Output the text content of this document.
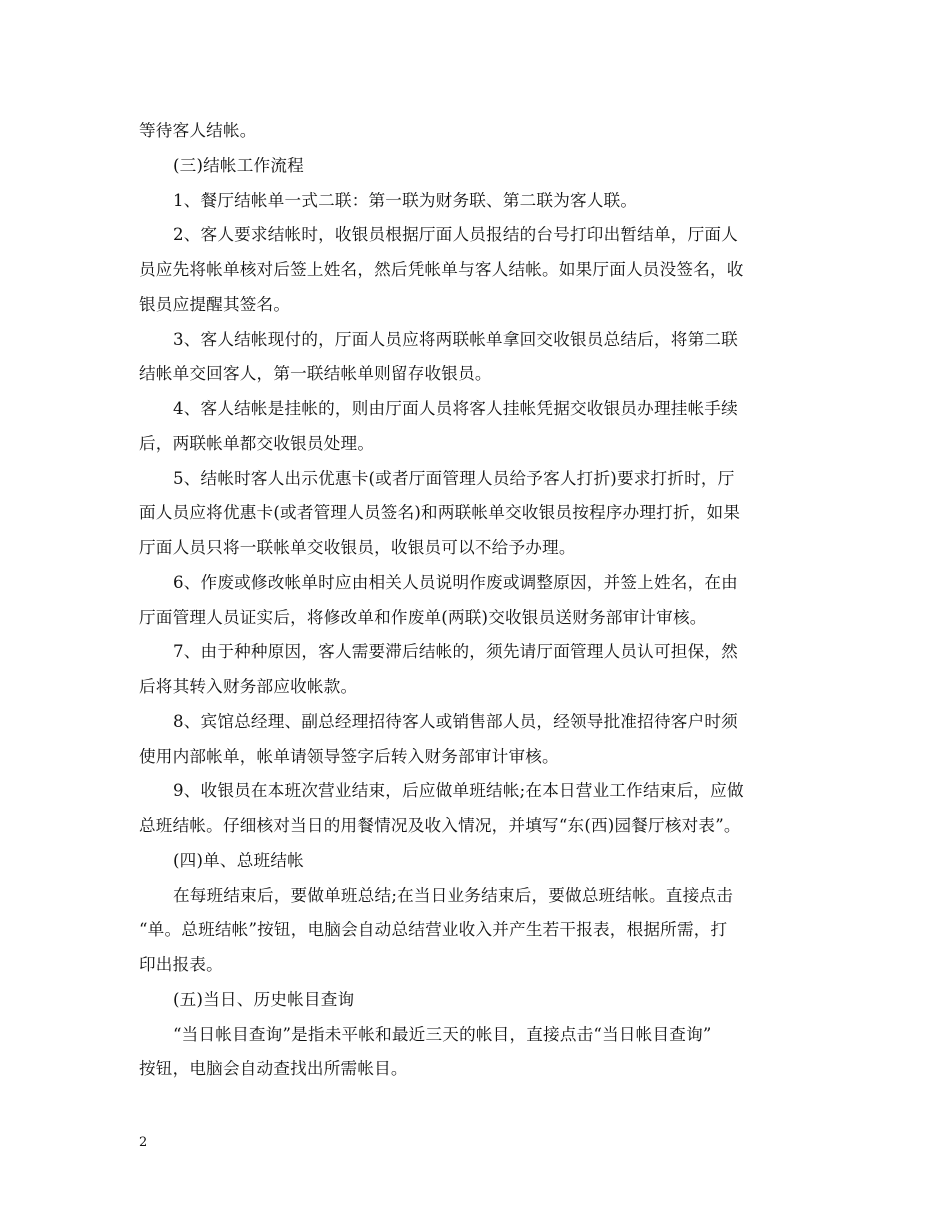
等待客人结帐。
(三)结帐工作流程
1、餐厅结帐单一式二联：第一联为财务联、第二联为客人联。
2、客人要求结帐时，收银员根据厅面人员报结的台号打印出暂结单，厅面人
员应先将帐单核对后签上姓名，然后凭帐单与客人结帐。如果厅面人员没签名，收
银员应提醒其签名。
3、客人结帐现付的，厅面人员应将两联帐单拿回交收银员总结后，将第二联
结帐单交回客人，第一联结帐单则留存收银员。
4、客人结帐是挂帐的，则由厅面人员将客人挂帐凭据交收银员办理挂帐手续
后，两联帐单都交收银员处理。
5、结帐时客人出示优惠卡(或者厅面管理人员给予客人打折)要求打折时，厅
面人员应将优惠卡(或者管理人员签名)和两联帐单交收银员按程序办理打折，如果
厅面人员只将一联帐单交收银员，收银员可以不给予办理。
6、作废或修改帐单时应由相关人员说明作废或调整原因，并签上姓名，在由
厅面管理人员证实后，将修改单和作废单(两联)交收银员送财务部审计审核。
7、由于种种原因，客人需要滞后结帐的，须先请厅面管理人员认可担保，然
后将其转入财务部应收帐款。
8、宾馆总经理、副总经理招待客人或销售部人员，经领导批准招待客户时须
使用内部帐单，帐单请领导签字后转入财务部审计审核。
9、收银员在本班次营业结束，后应做单班结帐;在本日营业工作结束后，应做
总班结帐。仔细核对当日的用餐情况及收入情况，并填写“东(西)园餐厅核对表”。
(四)单、总班结帐
在每班结束后，要做单班总结;在当日业务结束后，要做总班结帐。直接点击
“单。总班结帐”按钮，电脑会自动总结营业收入并产生若干报表，根据所需，打
印出报表。
(五)当日、历史帐目查询
“当日帐目查询”是指未平帐和最近三天的帐目，直接点击“当日帐目查询”
按钮，电脑会自动查找出所需帐目。
2
